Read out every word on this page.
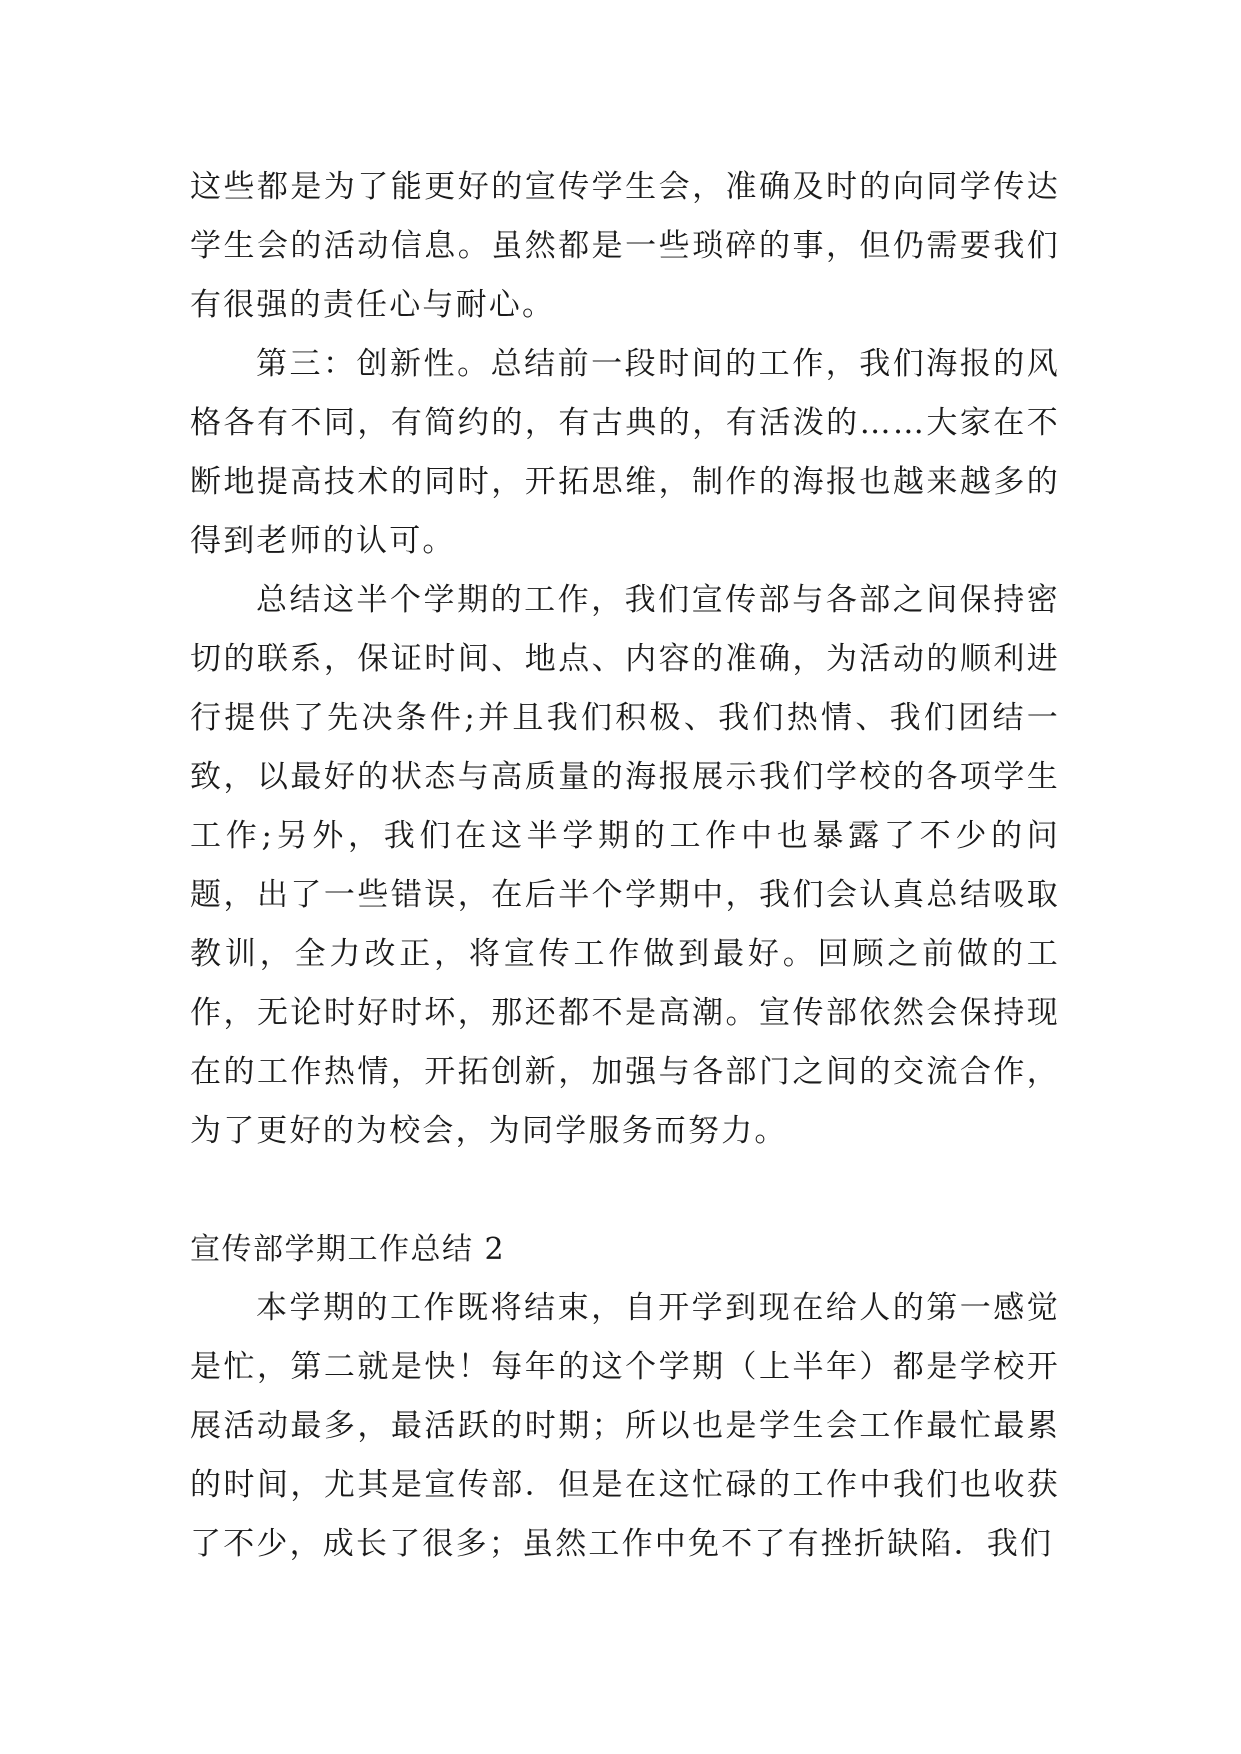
这些都是为了能更好的宣传学生会，准确及时的向同学传达学生会的活动信息。虽然都是一些琐碎的事，但仍需要我们有很强的责任心与耐心。

第三：创新性。总结前一段时间的工作，我们海报的风格各有不同，有简约的，有古典的，有活泼的……大家在不断地提高技术的同时，开拓思维，制作的海报也越来越多的得到老师的认可。

总结这半个学期的工作，我们宣传部与各部之间保持密切的联系，保证时间、地点、内容的准确，为活动的顺利进行提供了先决条件;并且我们积极、我们热情、我们团结一致，以最好的状态与高质量的海报展示我们学校的各项学生工作;另外，我们在这半学期的工作中也暴露了不少的问题，出了一些错误，在后半个学期中，我们会认真总结吸取教训，全力改正，将宣传工作做到最好。回顾之前做的工作，无论时好时坏，那还都不是高潮。宣传部依然会保持现在的工作热情，开拓创新，加强与各部门之间的交流合作，为了更好的为校会，为同学服务而努力。

宣传部学期工作总结 2

本学期的工作既将结束，自开学到现在给人的第一感觉是忙，第二就是快！每年的这个学期（上半年）都是学校开展活动最多，最活跃的时期；所以也是学生会工作最忙最累的时间，尤其是宣传部．但是在这忙碌的工作中我们也收获了不少，成长了很多；虽然工作中免不了有挫折缺陷．我们
